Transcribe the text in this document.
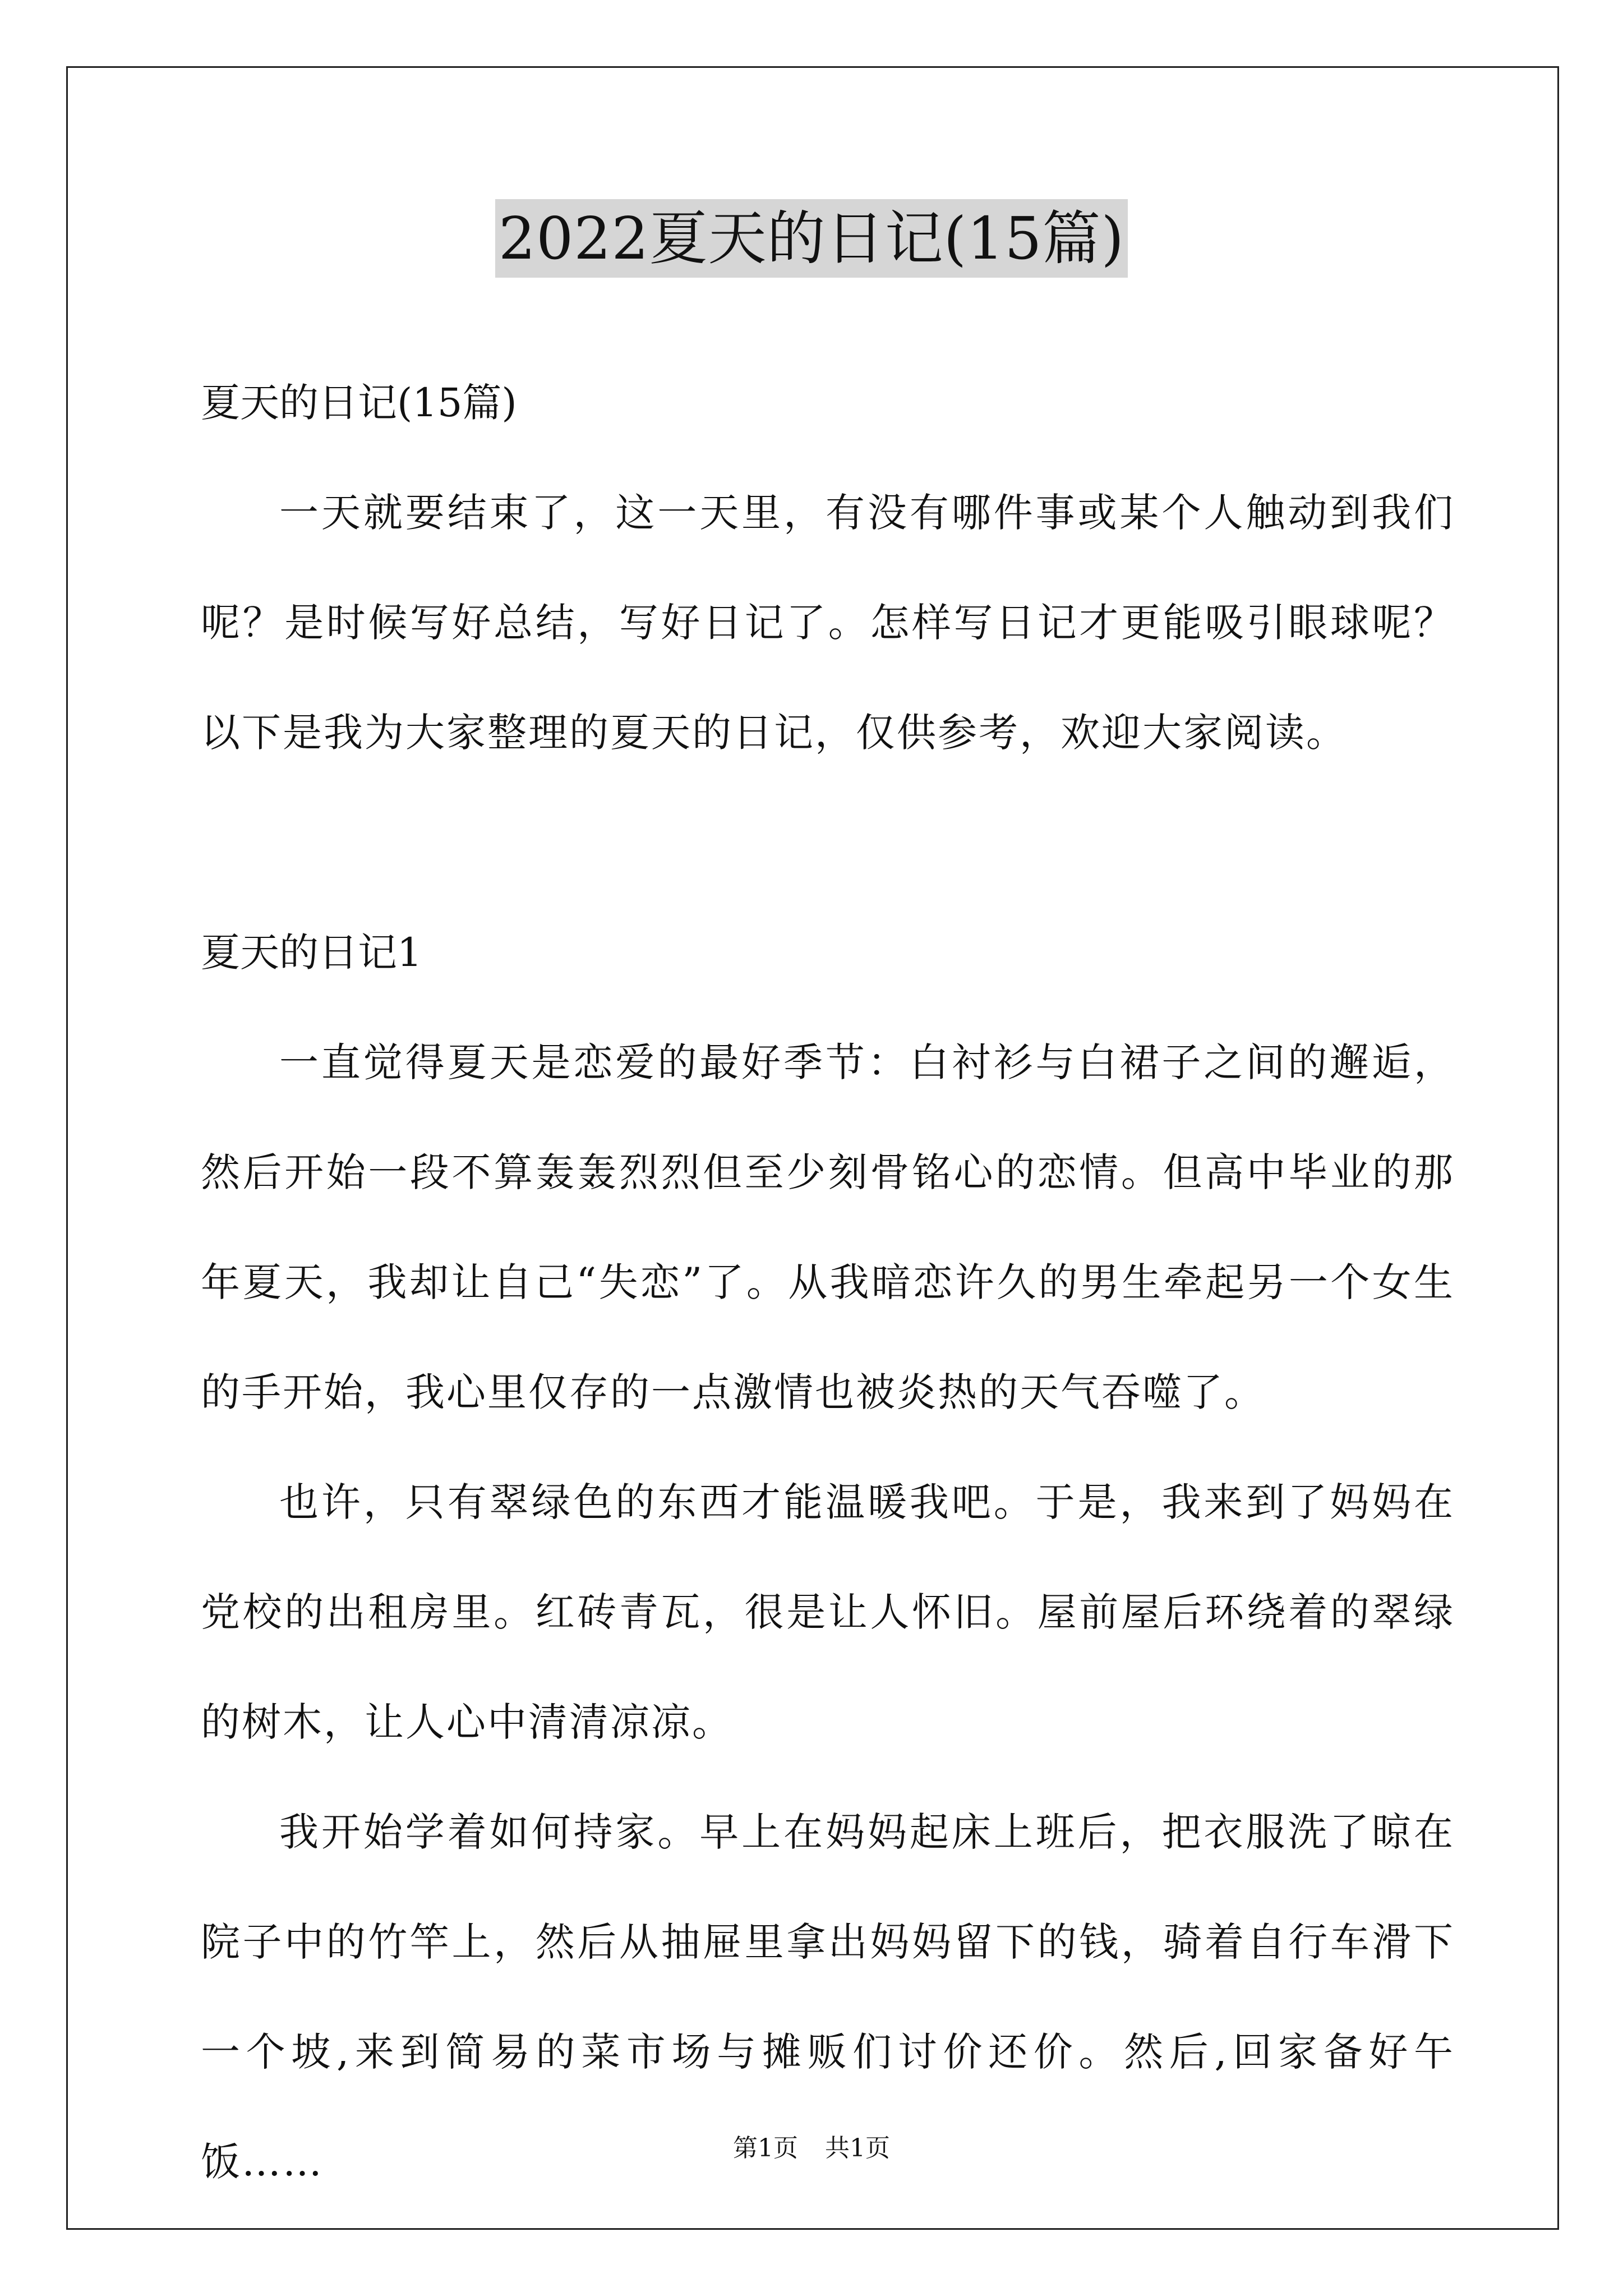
2022夏天的日记(15篇)
夏天的日记(15篇)

一天就要结束了，这一天里，有没有哪件事或某个人触动到我们呢？是时候写好总结，写好日记了。怎样写日记才更能吸引眼球呢？以下是我为大家整理的夏天的日记，仅供参考，欢迎大家阅读。

夏天的日记1

一直觉得夏天是恋爱的最好季节：白衬衫与白裙子之间的邂逅，然后开始一段不算轰轰烈烈但至少刻骨铭心的恋情。但高中毕业的那年夏天，我却让自己“失恋”了。从我暗恋许久的男生牵起另一个女生的手开始，我心里仅存的一点激情也被炎热的天气吞噬了。

也许，只有翠绿色的东西才能温暖我吧。于是，我来到了妈妈在党校的出租房里。红砖青瓦，很是让人怀旧。屋前屋后环绕着的翠绿的树木，让人心中清清凉凉。

我开始学着如何持家。早上在妈妈起床上班后，把衣服洗了晾在院子中的竹竿上，然后从抽屉里拿出妈妈留下的钱，骑着自行车滑下一个坡,来到简易的菜市场与摊贩们讨价还价。然后,回家备好午饭……	第1页 共1页
